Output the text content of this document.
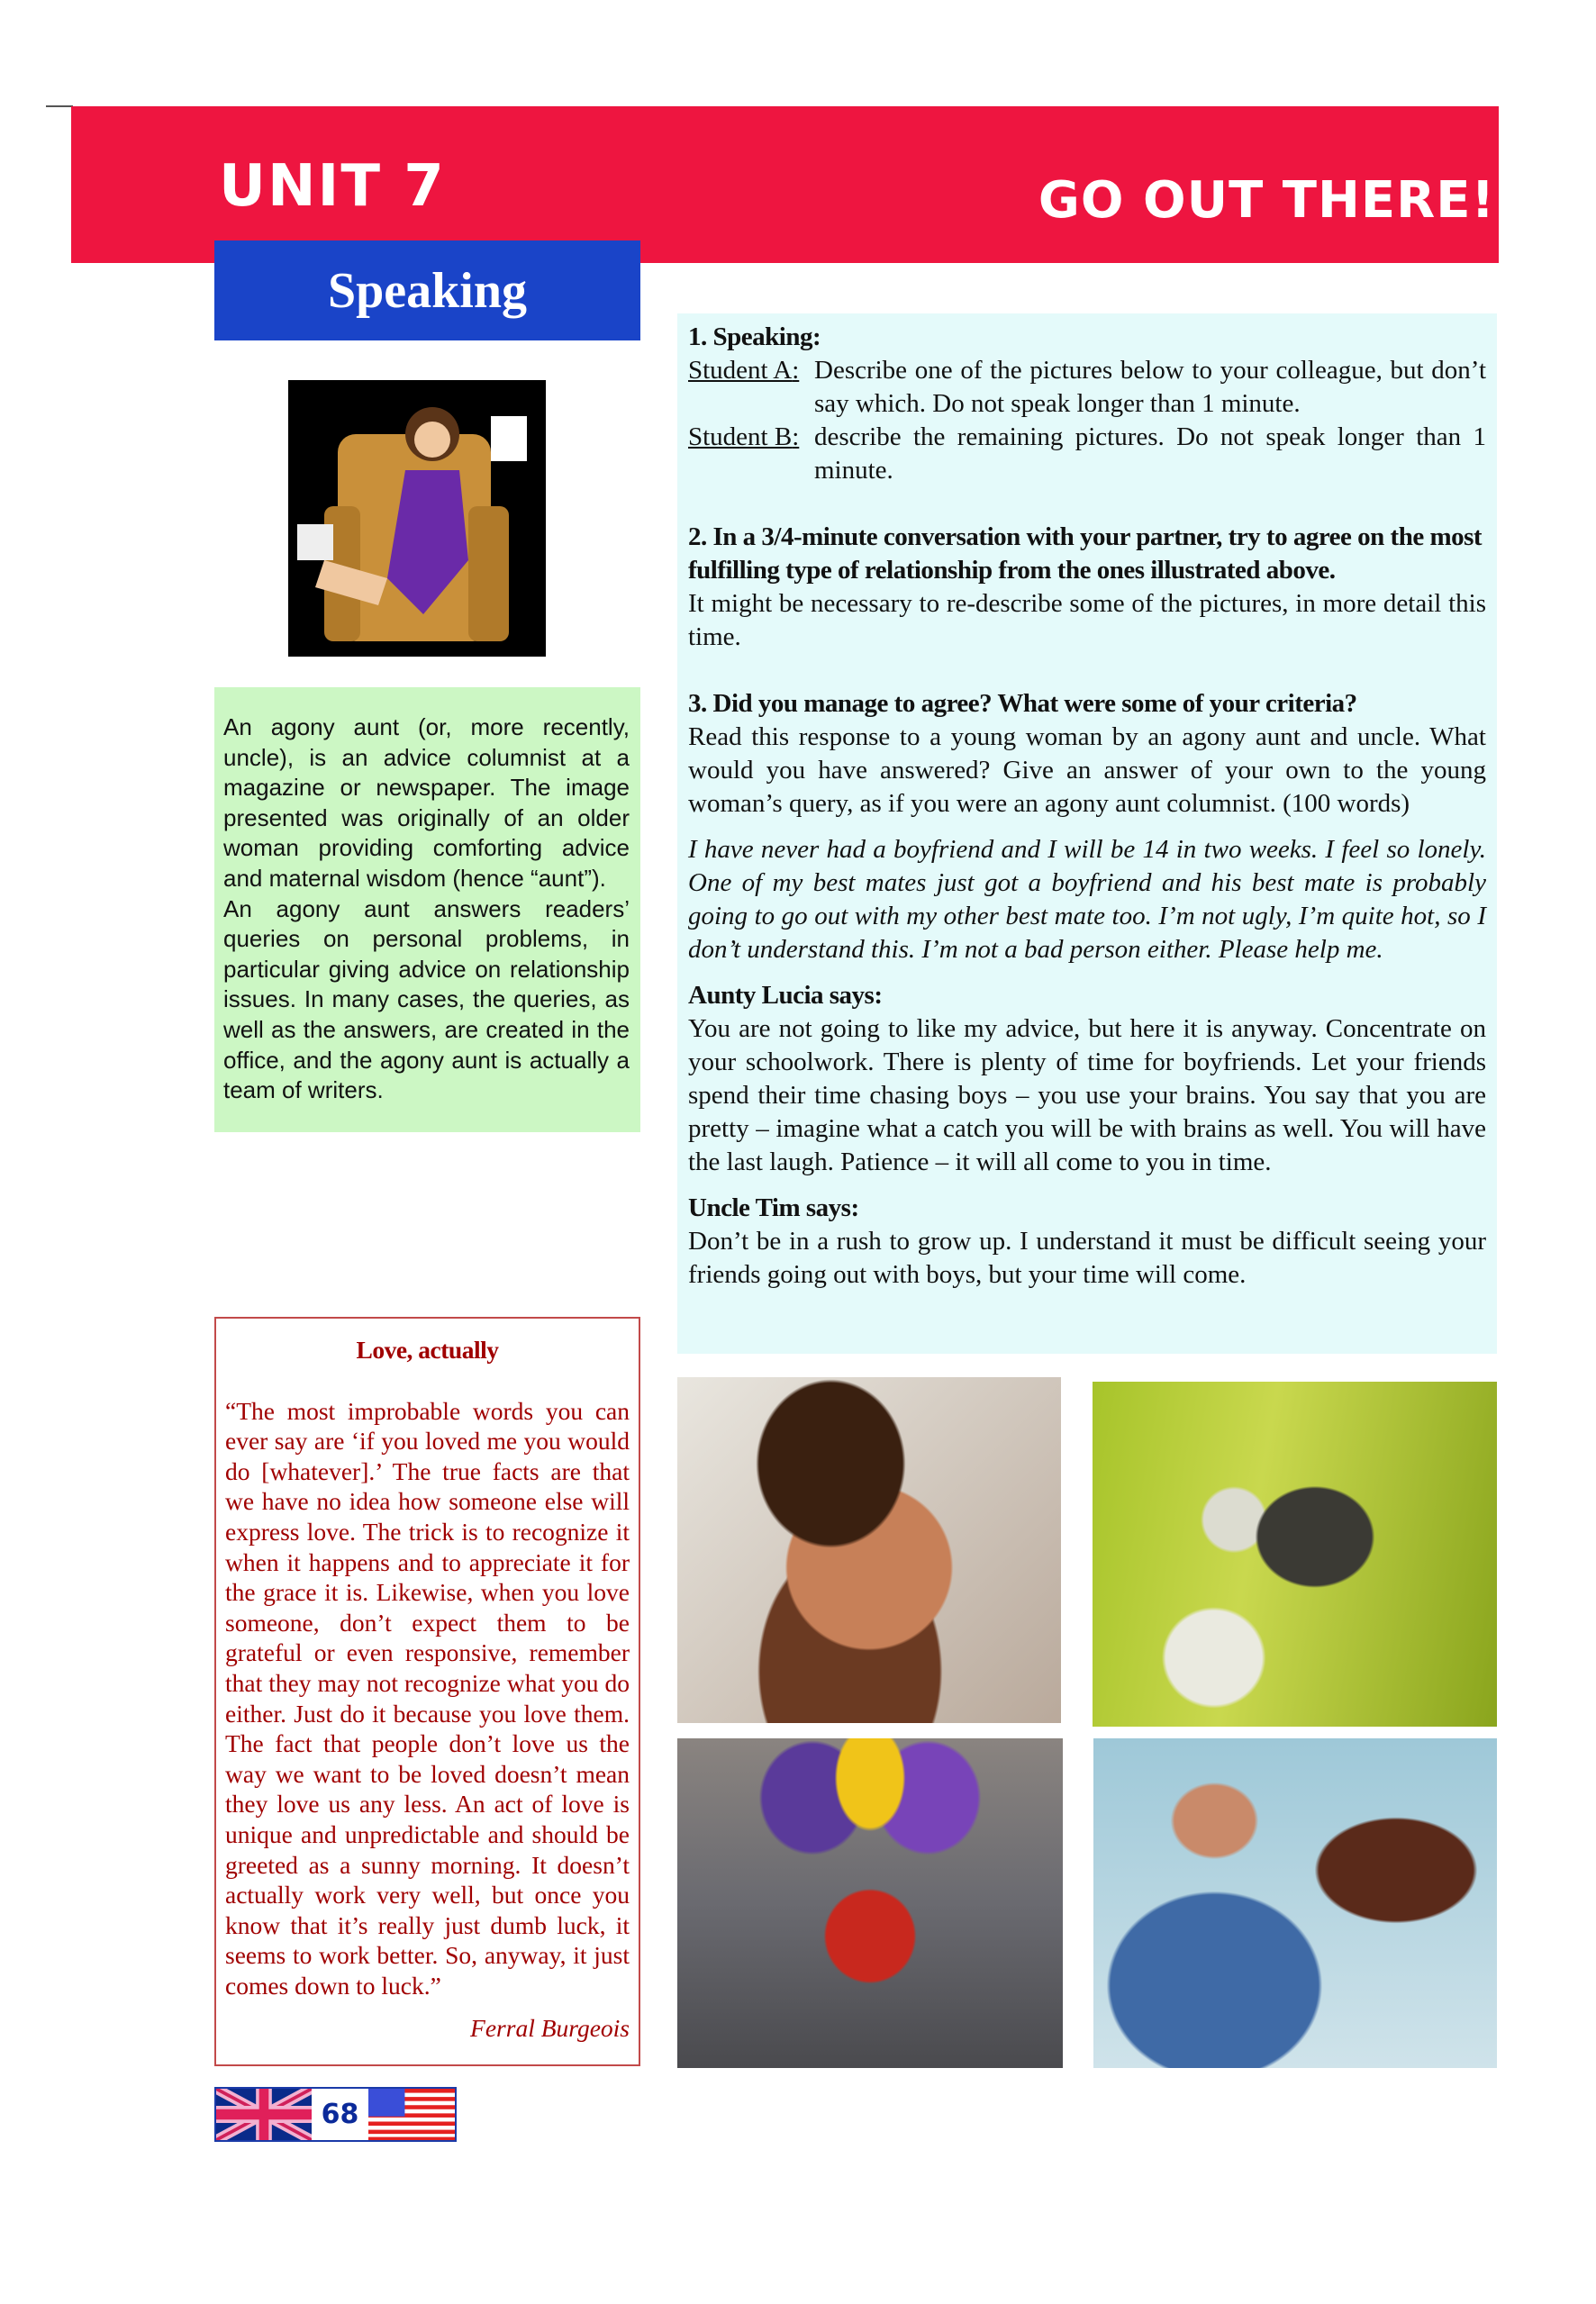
UNIT 7	GO OUT THERE!
Speaking

An agony aunt (or, more recently, uncle), is an advice columnist at a magazine or newspaper. The image presented was originally of an older woman providing comforting advice and maternal wisdom (hence “aunt”).

An agony aunt answers readers’ queries on personal problems, in particular giving advice on relationship issues. In many cases, the queries, as well as the answers, are created in the office, and the agony aunt is actually a team of writers.

1. Speaking:
Student A: Describe one of the pictures below to your colleague, but don’t say which. Do not speak longer than 1 minute.
Student B: describe the remaining pictures. Do not speak longer than 1 minute.
2. In a 3/4-minute conversation with your partner, try to agree on the most fulfilling type of relationship from the ones illustrated above.
It might be necessary to re-describe some of the pictures, in more detail this time.
3. Did you manage to agree? What were some of your criteria?
Read this response to a young woman by an agony aunt and uncle. What would you have answered? Give an answer of your own to the young woman’s query, as if you were an agony aunt columnist. (100 words)
I have never had a boyfriend and I will be 14 in two weeks. I feel so lonely. One of my best mates just got a boyfriend and his best mate is probably going to go out with my other best mate too. I’m not ugly, I’m quite hot, so I don’t understand this. I’m not a bad person either. Please help me.
Aunty Lucia says:
You are not going to like my advice, but here it is anyway. Concentrate on your schoolwork. There is plenty of time for boyfriends. Let your friends spend their time chasing boys – you use your brains. You say that you are pretty – imagine what a catch you will be with brains as well. You will have the last laugh. Patience – it will all come to you in time.
Uncle Tim says:
Don’t be in a rush to grow up. I understand it must be difficult seeing your friends going out with boys, but your time will come.
Love, actually
“The most improbable words you can ever say are ‘if you loved me you would do [whatever].’ The true facts are that we have no idea how someone else will express love. The trick is to recognize it when it happens and to appreciate it for the grace it is. Likewise, when you love someone, don’t expect them to be grateful or even responsive, remember that they may not recognize what you do either. Just do it because you love them. The fact that people don’t love us the way we want to be loved doesn’t mean they love us any less. An act of love is unique and unpredictable and should be greeted as a sunny morning. It doesn’t actually work very well, but once you know that it’s really just dumb luck, it seems to work better. So, anyway, it just comes down to luck.”
Ferral Burgeois
68
